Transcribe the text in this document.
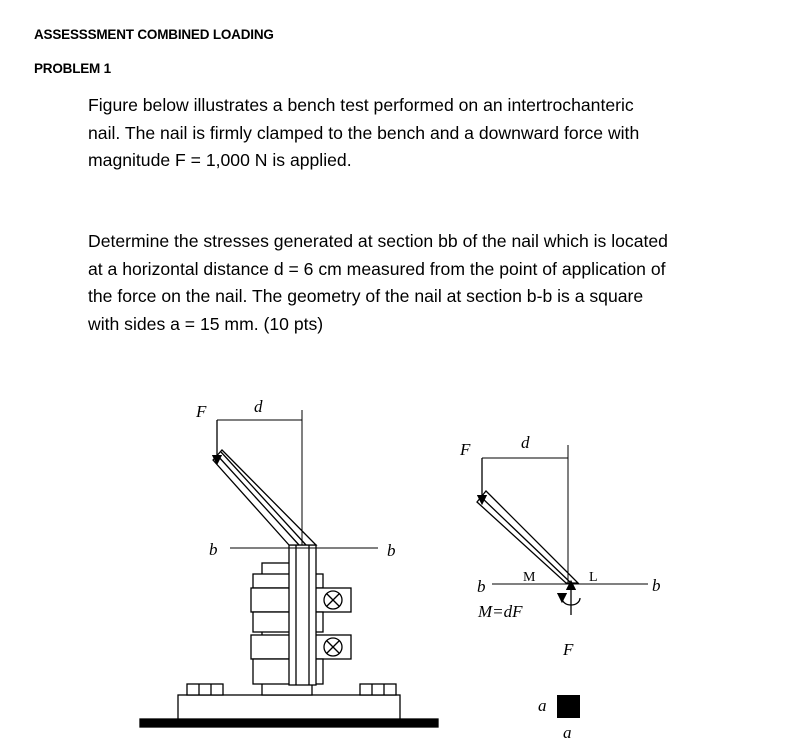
ASSESSSMENT COMBINED LOADING
PROBLEM 1
Figure below illustrates a bench test performed on an intertrochanteric
nail. The nail is firmly clamped to the bench and a downward force with
magnitude F = 1,000 N is applied.
Determine the stresses generated at section bb of the nail which is located
at a horizontal distance d = 6 cm measured from the point of application of
the force on the nail. The geometry of the nail at section b-b is a square
with sides a = 15 mm. (10 pts)
F	d
b	b
F	d
b	b
M	L
M=dF
F
a
a
